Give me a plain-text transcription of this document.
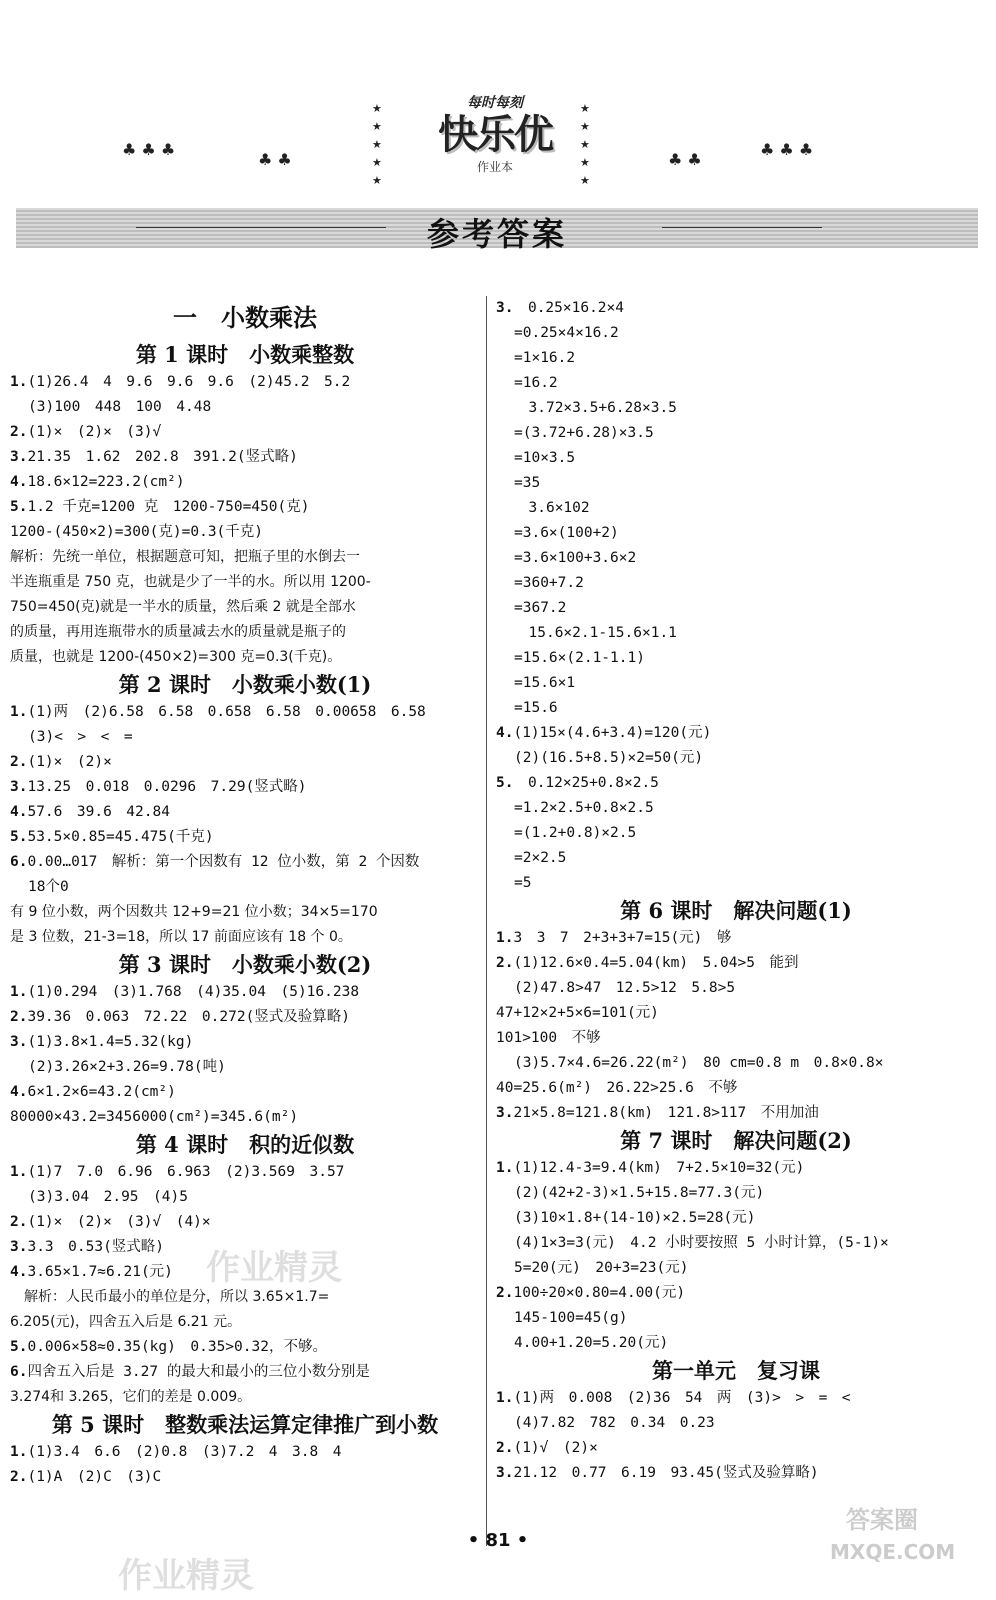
♣ ♣ ♣
♣ ♣	♣ ♣
♣ ♣ ♣
★
★
★
★
★
★
★
★
★
★
每时每刻
快乐优
作业本
参考答案
一　小数乘法
第 1 课时　小数乘整数
1.(1)26.4　4　9.6　9.6　9.6　(2)45.2　5.2
(3)100　448　100　4.48
2.(1)×　(2)×　(3)√
3.21.35　1.62　202.8　391.2(竖式略)
4.18.6×12=223.2(cm²)
5.1.2 千克=1200 克　1200-750=450(克)
1200-(450×2)=300(克)=0.3(千克)
解析：先统一单位，根据题意可知，把瓶子里的水倒去一
半连瓶重是 750 克，也就是少了一半的水。所以用 1200-
750=450(克)就是一半水的质量，然后乘 2 就是全部水
的质量，再用连瓶带水的质量减去水的质量就是瓶子的
质量，也就是 1200-(450×2)=300 克=0.3(千克)。
第 2 课时　小数乘小数(1)
1.(1)两　(2)6.58　6.58　0.658　6.58　0.00658　6.58
(3)<　>　<　=
2.(1)×　(2)×
3.13.25　0.018　0.0296　7.29(竖式略)
4.57.6　39.6　42.84
5.53.5×0.85=45.475(千克)
6.0.00…017　解析：第一个因数有 12 位小数，第 2 个因数
18个0
有 9 位小数，两个因数共 12+9=21 位小数；34×5=170
是 3 位数，21-3=18，所以 17 前面应该有 18 个 0。
第 3 课时　小数乘小数(2)
1.(1)0.294　(3)1.768　(4)35.04　(5)16.238
2.39.36　0.063　72.22　0.272(竖式及验算略)
3.(1)3.8×1.4=5.32(kg)
(2)3.26×2+3.26=9.78(吨)
4.6×1.2×6=43.2(cm²)
80000×43.2=3456000(cm²)=345.6(m²)
第 4 课时　积的近似数
1.(1)7　7.0　6.96　6.963　(2)3.569　3.57
(3)3.04　2.95　(4)5
2.(1)×　(2)×　(3)√　(4)×
3.3.3　0.53(竖式略)
4.3.65×1.7≈6.21(元)
　解析：人民币最小的单位是分，所以 3.65×1.7=
6.205(元)，四舍五入后是 6.21 元。
5.0.006×58≈0.35(kg)　0.35>0.32，不够。
6.四舍五入后是 3.27 的最大和最小的三位小数分别是
3.274和 3.265，它们的差是 0.009。
第 5 课时　整数乘法运算定律推广到小数
1.(1)3.4　6.6　(2)0.8　(3)7.2　4　3.8　4
2.(1)A　(2)C　(3)C
3.　0.25×16.2×4
=0.25×4×16.2
=1×16.2
=16.2
　3.72×3.5+6.28×3.5
=(3.72+6.28)×3.5
=10×3.5
=35
　3.6×102
=3.6×(100+2)
=3.6×100+3.6×2
=360+7.2
=367.2
　15.6×2.1-15.6×1.1
=15.6×(2.1-1.1)
=15.6×1
=15.6
4.(1)15×(4.6+3.4)=120(元)
(2)(16.5+8.5)×2=50(元)
5.　0.12×25+0.8×2.5
=1.2×2.5+0.8×2.5
=(1.2+0.8)×2.5
=2×2.5
=5
第 6 课时　解决问题(1)
1.3　3　7　2+3+3+7=15(元)　够
2.(1)12.6×0.4=5.04(km)　5.04>5　能到
(2)47.8>47　12.5>12　5.8>5
47+12×2+5×6=101(元)
101>100　不够
(3)5.7×4.6=26.22(m²)　80 cm=0.8 m　0.8×0.8×
40=25.6(m²)　26.22>25.6　不够
3.21×5.8=121.8(km)　121.8>117　不用加油
第 7 课时　解决问题(2)
1.(1)12.4-3=9.4(km)　7+2.5×10=32(元)
(2)(42+2-3)×1.5+15.8=77.3(元)
(3)10×1.8+(14-10)×2.5=28(元)
(4)1×3=3(元)　4.2 小时要按照 5 小时计算，(5-1)×
5=20(元)　20+3=23(元)
2.100÷20×0.80=4.00(元)
145-100=45(g)
4.00+1.20=5.20(元)
第一单元　复习课
1.(1)两　0.008　(2)36　54　两　(3)>　>　=　<
(4)7.82　782　0.34　0.23
2.(1)√　(2)×
3.21.12　0.77　6.19　93.45(竖式及验算略)
作业精灵
作业精灵
答案圈
MXQE.COM
• 81 •
